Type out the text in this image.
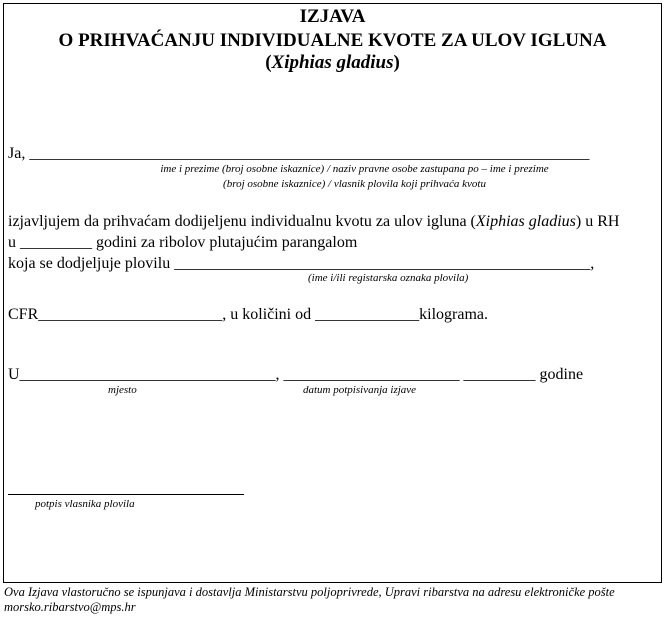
IZJAVA
O PRIHVAĆANJU INDIVIDUALNE KVOTE ZA ULOV IGLUNA
(Xiphias gladius)
Ja, ______________________________________________________________________
ime i prezime (broj osobne iskaznice) / naziv pravne osobe zastupana po – ime i prezime
(broj osobne iskaznice) / vlasnik plovila koji prihvaća kvotu
izjavljujem da prihvaćam dodijeljenu individualnu kvotu za ulov igluna (Xiphias gladius) u RH
u _________ godini za ribolov plutajućim parangalom
koja se dodjeljuje plovilu ____________________________________________________,
(ime i/ili registarska oznaka plovila)
CFR_______________________, u količini od _____________kilograma.
U________________________________, ______________________ _________ godine
mjesto	datum potpisivanja izjave
potpis vlasnika plovila
Ova Izjava vlastoručno se ispunjava i dostavlja Ministarstvu poljoprivrede, Upravi ribarstva na adresu elektroničke pošte
morsko.ribarstvo@mps.hr
